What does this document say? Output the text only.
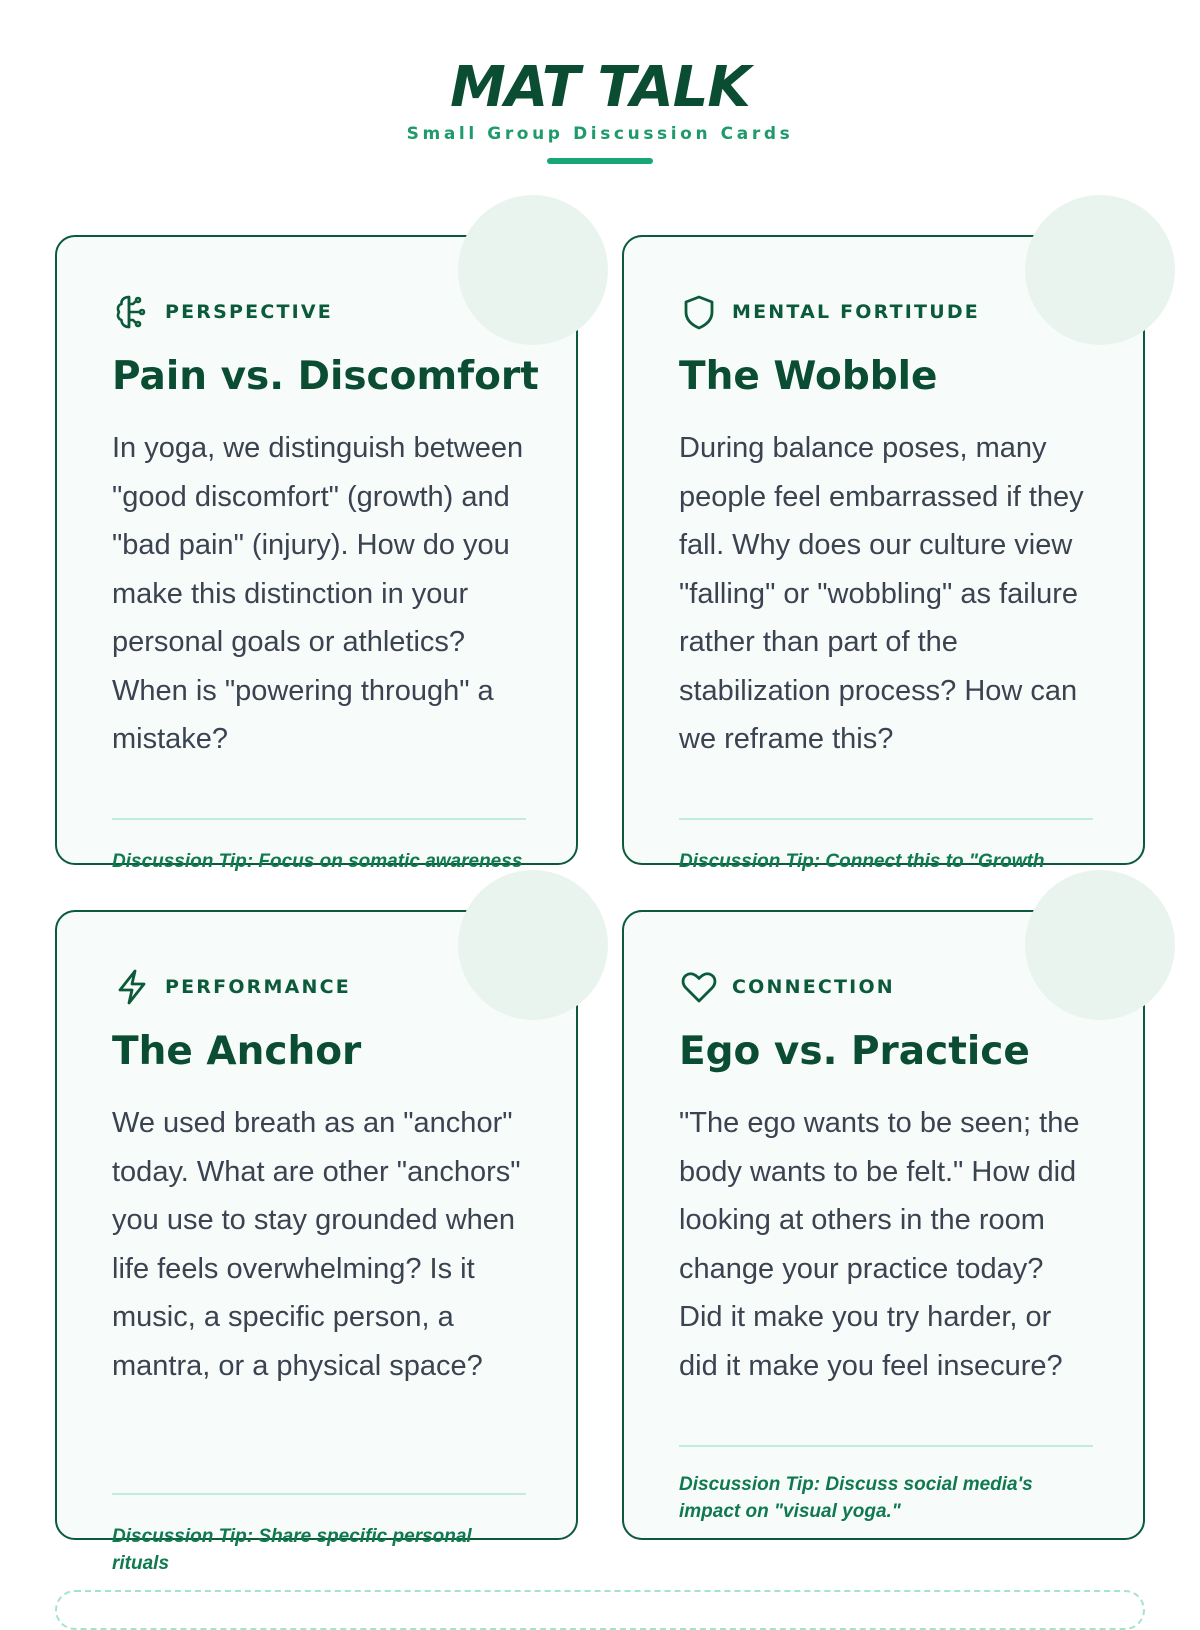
MAT TALK
Small Group Discussion Cards
PERSPECTIVE
Pain vs. Discomfort
In yoga, we distinguish between "good discomfort" (growth) and "bad pain" (injury). How do you make this distinction in your personal goals or athletics? When is "powering through" a mistake?
Discussion Tip: Focus on somatic awareness
MENTAL FORTITUDE
The Wobble
During balance poses, many people feel embarrassed if they fall. Why does our culture view "falling" or "wobbling" as failure rather than part of the stabilization process? How can we reframe this?
Discussion Tip: Connect this to "Growth
PERFORMANCE
The Anchor
We used breath as an "anchor" today. What are other "anchors" you use to stay grounded when life feels overwhelming? Is it music, a specific person, a mantra, or a physical space?
Discussion Tip: Share specific personal rituals
CONNECTION
Ego vs. Practice
"The ego wants to be seen; the body wants to be felt." How did looking at others in the room change your practice today? Did it make you try harder, or did it make you feel insecure?
Discussion Tip: Discuss social media's impact on "visual yoga."
